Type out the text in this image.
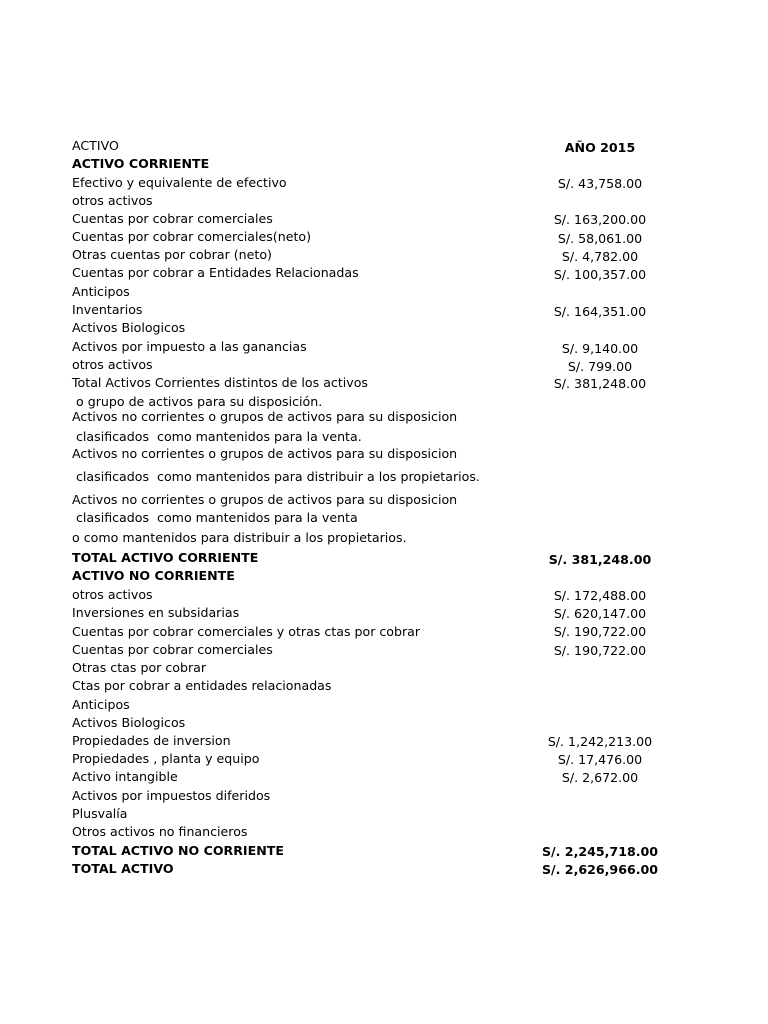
ACTIVO	AÑO 2015
ACTIVO CORRIENTE
Efectivo y equivalente de efectivo	S/. 43,758.00
otros activos
Cuentas por cobrar comerciales	S/. 163,200.00
Cuentas por cobrar comerciales(neto)	S/. 58,061.00
Otras cuentas por cobrar (neto)	S/. 4,782.00
Cuentas por cobrar a Entidades Relacionadas	S/. 100,357.00
Anticipos
Inventarios	S/. 164,351.00
Activos Biologicos
Activos por impuesto a las ganancias	S/. 9,140.00
otros activos	S/. 799.00
Total Activos Corrientes distintos de los activos	S/. 381,248.00
o grupo de activos para su disposición.
Activos no corrientes o grupos de activos para su disposicion
clasificados  como mantenidos para la venta.
Activos no corrientes o grupos de activos para su disposicion
clasificados  como mantenidos para distribuir a los propietarios.
Activos no corrientes o grupos de activos para su disposicion
clasificados  como mantenidos para la venta
o como mantenidos para distribuir a los propietarios.
TOTAL ACTIVO CORRIENTE	S/. 381,248.00
ACTIVO NO CORRIENTE
otros activos	S/. 172,488.00
Inversiones en subsidarias	S/. 620,147.00
Cuentas por cobrar comerciales y otras ctas por cobrar	S/. 190,722.00
Cuentas por cobrar comerciales	S/. 190,722.00
Otras ctas por cobrar
Ctas por cobrar a entidades relacionadas
Anticipos
Activos Biologicos
Propiedades de inversion	S/. 1,242,213.00
Propiedades , planta y equipo	S/. 17,476.00
Activo intangible	S/. 2,672.00
Activos por impuestos diferidos
Plusvalía
Otros activos no financieros
TOTAL ACTIVO NO CORRIENTE	S/. 2,245,718.00
TOTAL ACTIVO	S/. 2,626,966.00
